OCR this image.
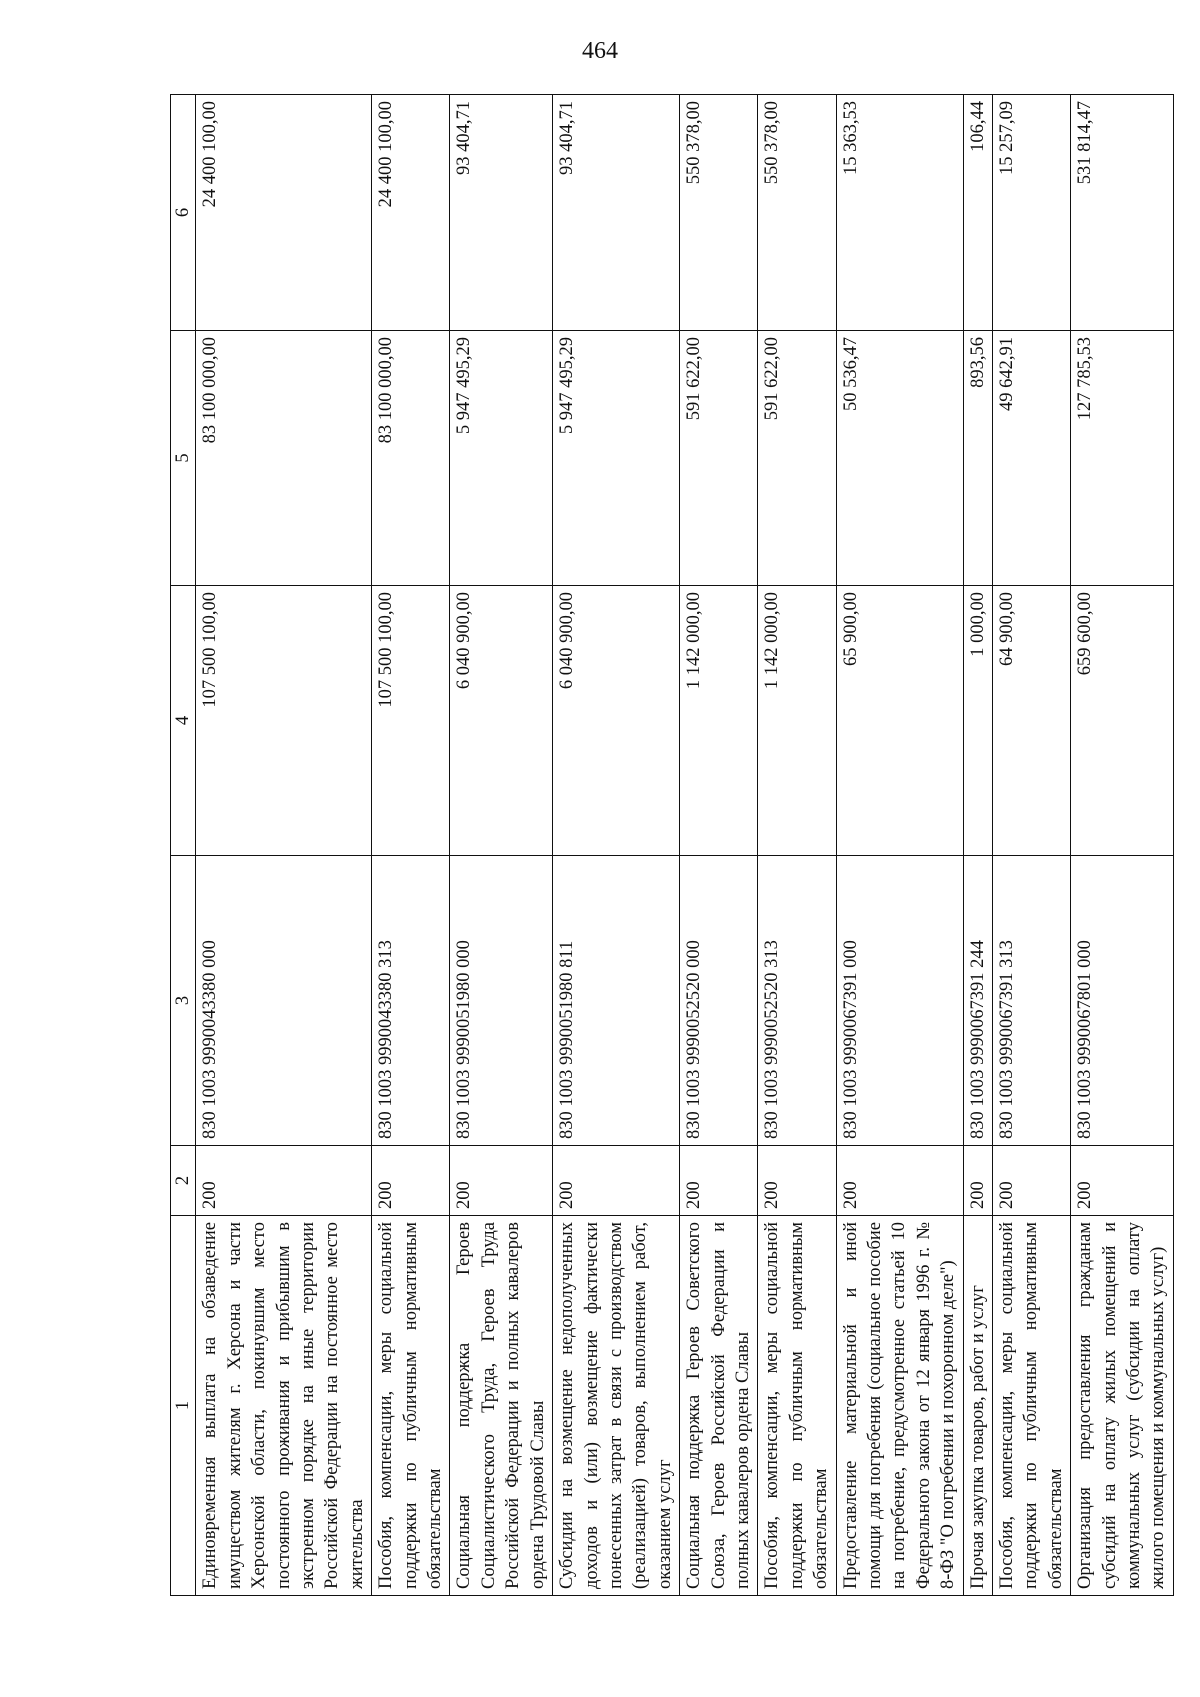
464
1	2	3	4	5	6
Единовременная выплата на обзаведение имуществом жителям г. Херсона и части Херсонской области, покинувшим место постоянного проживания и прибывшим в экстренном порядке на иные территории Российской Федерации на постоянное место жительства	200	830 1003 9990043380 000	107 500 100,00	83 100 000,00	24 400 100,00
Пособия, компенсации, меры социальной поддержки по публичным нормативным обязательствам	200	830 1003 9990043380 313	107 500 100,00	83 100 000,00	24 400 100,00
Социальная поддержка Героев Социалистического Труда, Героев Труда Российской Федерации и полных кавалеров ордена Трудовой Славы	200	830 1003 9990051980 000	6 040 900,00	5 947 495,29	93 404,71
Субсидии на возмещение недополученных доходов и (или) возмещение фактически понесенных затрат в связи с производством (реализацией) товаров, выполнением работ, оказанием услуг	200	830 1003 9990051980 811	6 040 900,00	5 947 495,29	93 404,71
Социальная поддержка Героев Советского Союза, Героев Российской Федерации и полных кавалеров ордена Славы	200	830 1003 9990052520 000	1 142 000,00	591 622,00	550 378,00
Пособия, компенсации, меры социальной поддержки по публичным нормативным обязательствам	200	830 1003 9990052520 313	1 142 000,00	591 622,00	550 378,00
Предоставление материальной и иной помощи для погребения (социальное пособие на погребение, предусмотренное статьей 10 Федерального закона от 12 января 1996 г. № 8-ФЗ "О погребении и похоронном деле")	200	830 1003 9990067391 000	65 900,00	50 536,47	15 363,53
Прочая закупка товаров, работ и услуг	200	830 1003 9990067391 244	1 000,00	893,56	106,44
Пособия, компенсации, меры социальной поддержки по публичным нормативным обязательствам	200	830 1003 9990067391 313	64 900,00	49 642,91	15 257,09
Организация предоставления гражданам субсидий на оплату жилых помещений и коммунальных услуг (субсидии на оплату жилого помещения и коммунальных услуг)	200	830 1003 9990067801 000	659 600,00	127 785,53	531 814,47
